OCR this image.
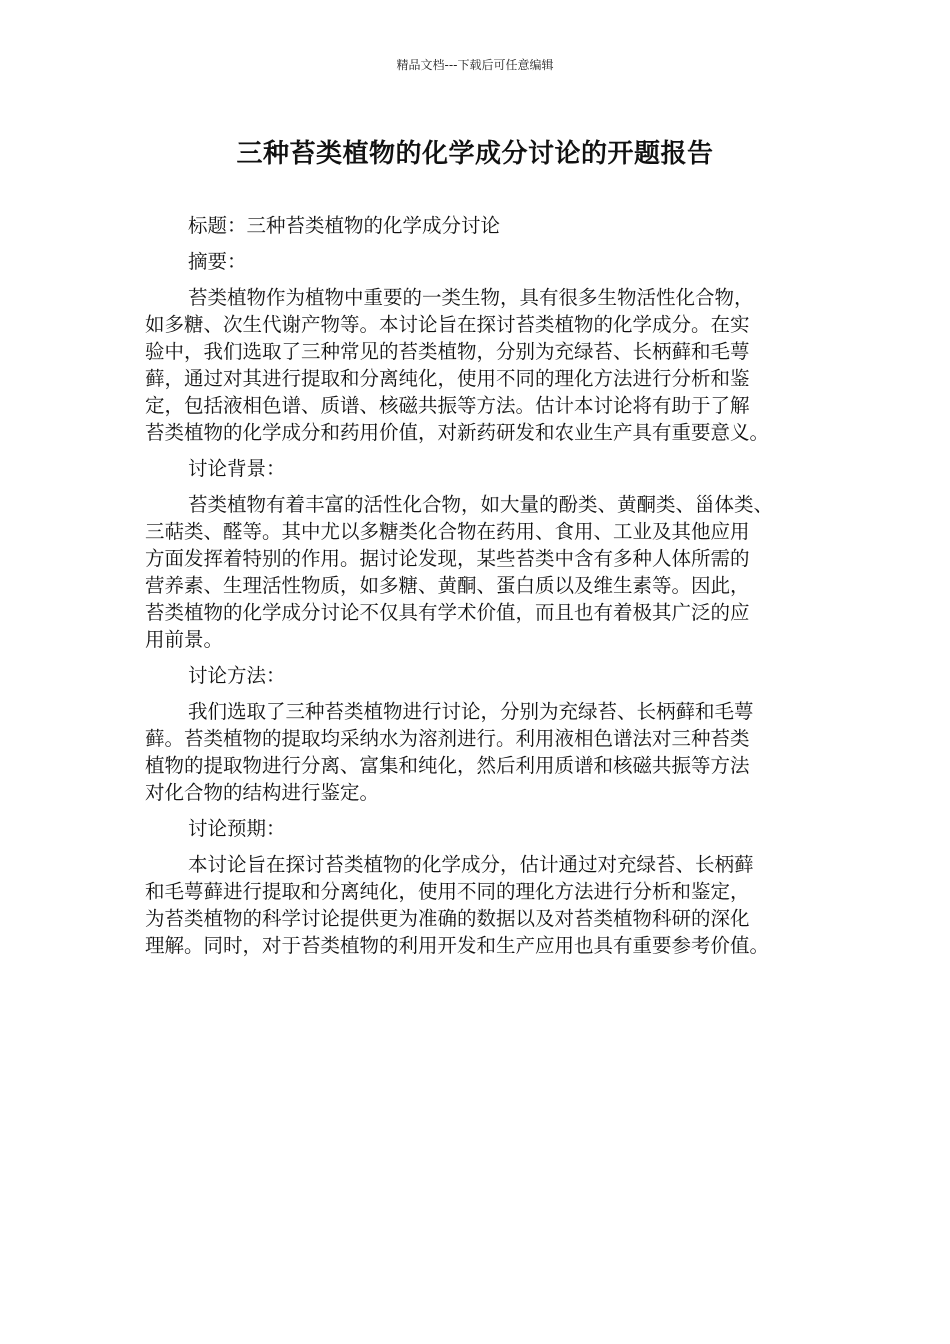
精品文档---下载后可任意编辑
三种苔类植物的化学成分讨论的开题报告

标题：三种苔类植物的化学成分讨论

摘要：

苔类植物作为植物中重要的一类生物，具有很多生物活性化合物，
如多糖、次生代谢产物等。本讨论旨在探讨苔类植物的化学成分。在实
验中，我们选取了三种常见的苔类植物，分别为充绿苔、长柄藓和毛萼
藓，通过对其进行提取和分离纯化，使用不同的理化方法进行分析和鉴
定，包括液相色谱、质谱、核磁共振等方法。估计本讨论将有助于了解
苔类植物的化学成分和药用价值，对新药研发和农业生产具有重要意义。

讨论背景：

苔类植物有着丰富的活性化合物，如大量的酚类、黄酮类、甾体类、
三萜类、醛等。其中尤以多糖类化合物在药用、食用、工业及其他应用
方面发挥着特别的作用。据讨论发现，某些苔类中含有多种人体所需的
营养素、生理活性物质，如多糖、黄酮、蛋白质以及维生素等。因此，
苔类植物的化学成分讨论不仅具有学术价值，而且也有着极其广泛的应
用前景。

讨论方法：

我们选取了三种苔类植物进行讨论，分别为充绿苔、长柄藓和毛萼
藓。苔类植物的提取均采纳水为溶剂进行。利用液相色谱法对三种苔类
植物的提取物进行分离、富集和纯化，然后利用质谱和核磁共振等方法
对化合物的结构进行鉴定。

讨论预期：

本讨论旨在探讨苔类植物的化学成分，估计通过对充绿苔、长柄藓
和毛萼藓进行提取和分离纯化，使用不同的理化方法进行分析和鉴定，
为苔类植物的科学讨论提供更为准确的数据以及对苔类植物科研的深化
理解。同时，对于苔类植物的利用开发和生产应用也具有重要参考价值。
